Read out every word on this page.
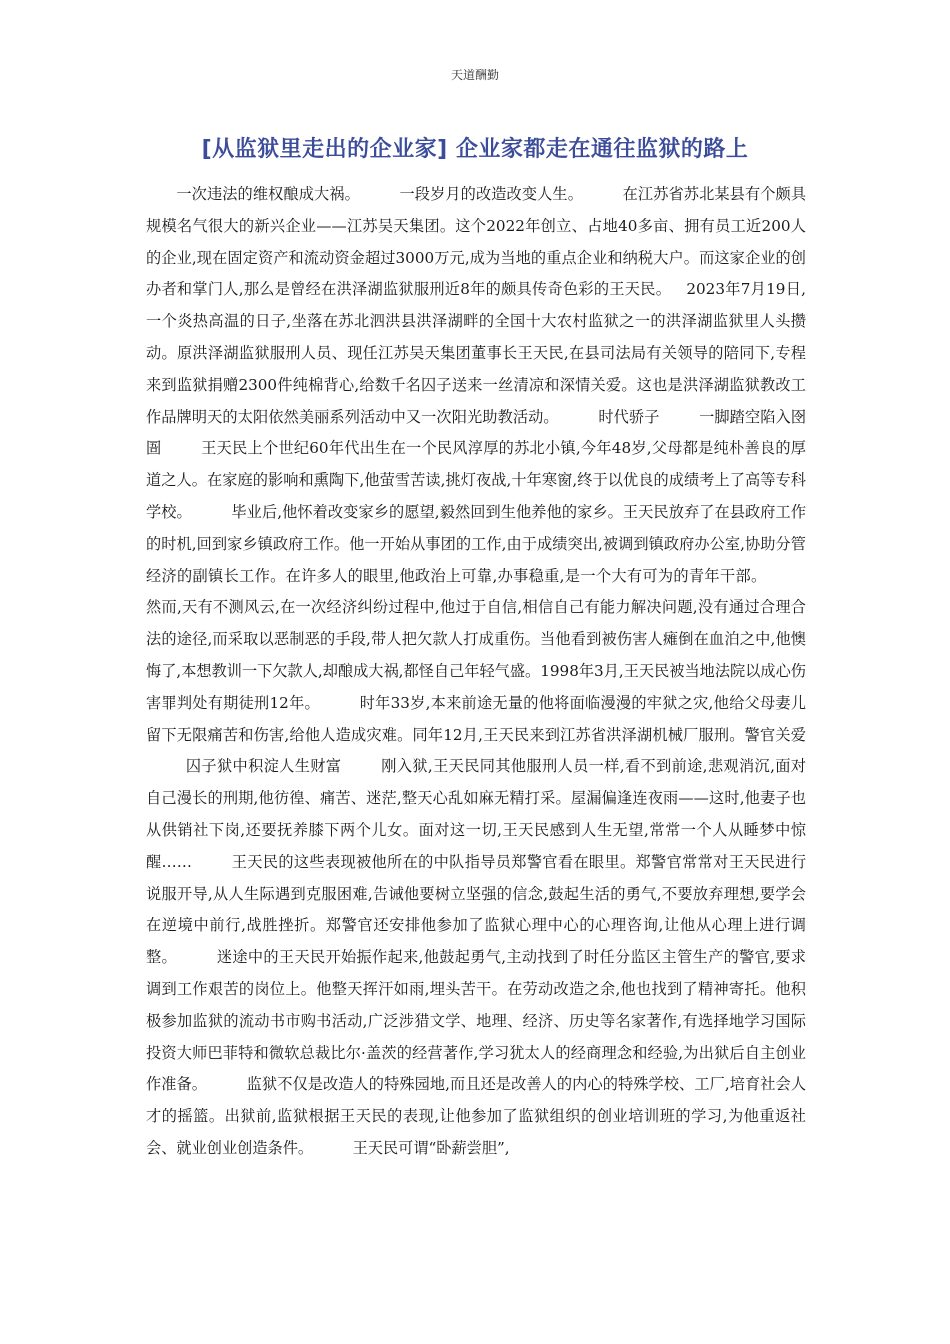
天道酬勤
[从监狱里走出的企业家] 企业家都走在通往监狱的路上
一次违法的维权酿成大祸。	一段岁月的改造改变人生。	在江苏省苏北某县有个颇具规模名气很大的新兴企业——江苏吴天集团。这个2022年创立、占地40多亩、拥有员工近200人的企业,现在固定资产和流动资金超过3000万元,成为当地的重点企业和纳税大户。而这家企业的创办者和掌门人,那么是曾经在洪泽湖监狱服刑近8年的颇具传奇色彩的王天民。 2023年7月19日,一个炎热高温的日子,坐落在苏北泗洪县洪泽湖畔的全国十大农村监狱之一的洪泽湖监狱里人头攒动。原洪泽湖监狱服刑人员、现任江苏吴天集团董事长王天民,在县司法局有关领导的陪同下,专程来到监狱捐赠2300件纯棉背心,给数千名囚子送来一丝清凉和深情关爱。这也是洪泽湖监狱教改工作品牌明天的太阳依然美丽系列活动中又一次阳光助教活动。	时代骄子	一脚踏空陷入囹圄	王天民上个世纪60年代出生在一个民风淳厚的苏北小镇,今年48岁,父母都是纯朴善良的厚道之人。在家庭的影响和熏陶下,他萤雪苦读,挑灯夜战,十年寒窗,终于以优良的成绩考上了高等专科学校。	毕业后,他怀着改变家乡的愿望,毅然回到生他养他的家乡。王天民放弃了在县政府工作的时机,回到家乡镇政府工作。他一开始从事团的工作,由于成绩突出,被调到镇政府办公室,协助分管经济的副镇长工作。在许多人的眼里,他政治上可靠,办事稳重,是一个大有可为的青年干部。然而,天有不测风云,在一次经济纠纷过程中,他过于自信,相信自己有能力解决问题,没有通过合理合法的途径,而采取以恶制恶的手段,带人把欠款人打成重伤。当他看到被伤害人瘫倒在血泊之中,他懊悔了,本想教训一下欠款人,却酿成大祸,都怪自己年轻气盛。1998年3月,王天民被当地法院以成心伤害罪判处有期徒刑12年。	时年33岁,本来前途无量的他将面临漫漫的牢狱之灾,他给父母妻儿留下无限痛苦和伤害,给他人造成灾难。同年12月,王天民来到江苏省洪泽湖机械厂服刑。警官关爱囚子狱中积淀人生财富	刚入狱,王天民同其他服刑人员一样,看不到前途,悲观消沉,面对自己漫长的刑期,他彷徨、痛苦、迷茫,整天心乱如麻无精打采。屋漏偏逢连夜雨——这时,他妻子也从供销社下岗,还要抚养膝下两个儿女。面对这一切,王天民感到人生无望,常常一个人从睡梦中惊醒……	王天民的这些表现被他所在的中队指导员郑警官看在眼里。郑警官常常对王天民进行说服开导,从人生际遇到克服困难,告诫他要树立坚强的信念,鼓起生活的勇气,不要放弃理想,要学会在逆境中前行,战胜挫折。郑警官还安排他参加了监狱心理中心的心理咨询,让他从心理上进行调整。	迷途中的王天民开始振作起来,他鼓起勇气,主动找到了时任分监区主管生产的警官,要求调到工作艰苦的岗位上。他整天挥汗如雨,埋头苦干。在劳动改造之余,他也找到了精神寄托。他积极参加监狱的流动书市购书活动,广泛涉猎文学、地理、经济、历史等名家著作,有选择地学习国际投资大师巴菲特和微软总裁比尔·盖茨的经营著作,学习犹太人的经商理念和经验,为出狱后自主创业作准备。	监狱不仅是改造人的特殊园地,而且还是改善人的内心的特殊学校、工厂,培育社会人才的摇篮。出狱前,监狱根据王天民的表现,让他参加了监狱组织的创业培训班的学习,为他重返社会、就业创业创造条件。	王天民可谓“卧薪尝胆”,
